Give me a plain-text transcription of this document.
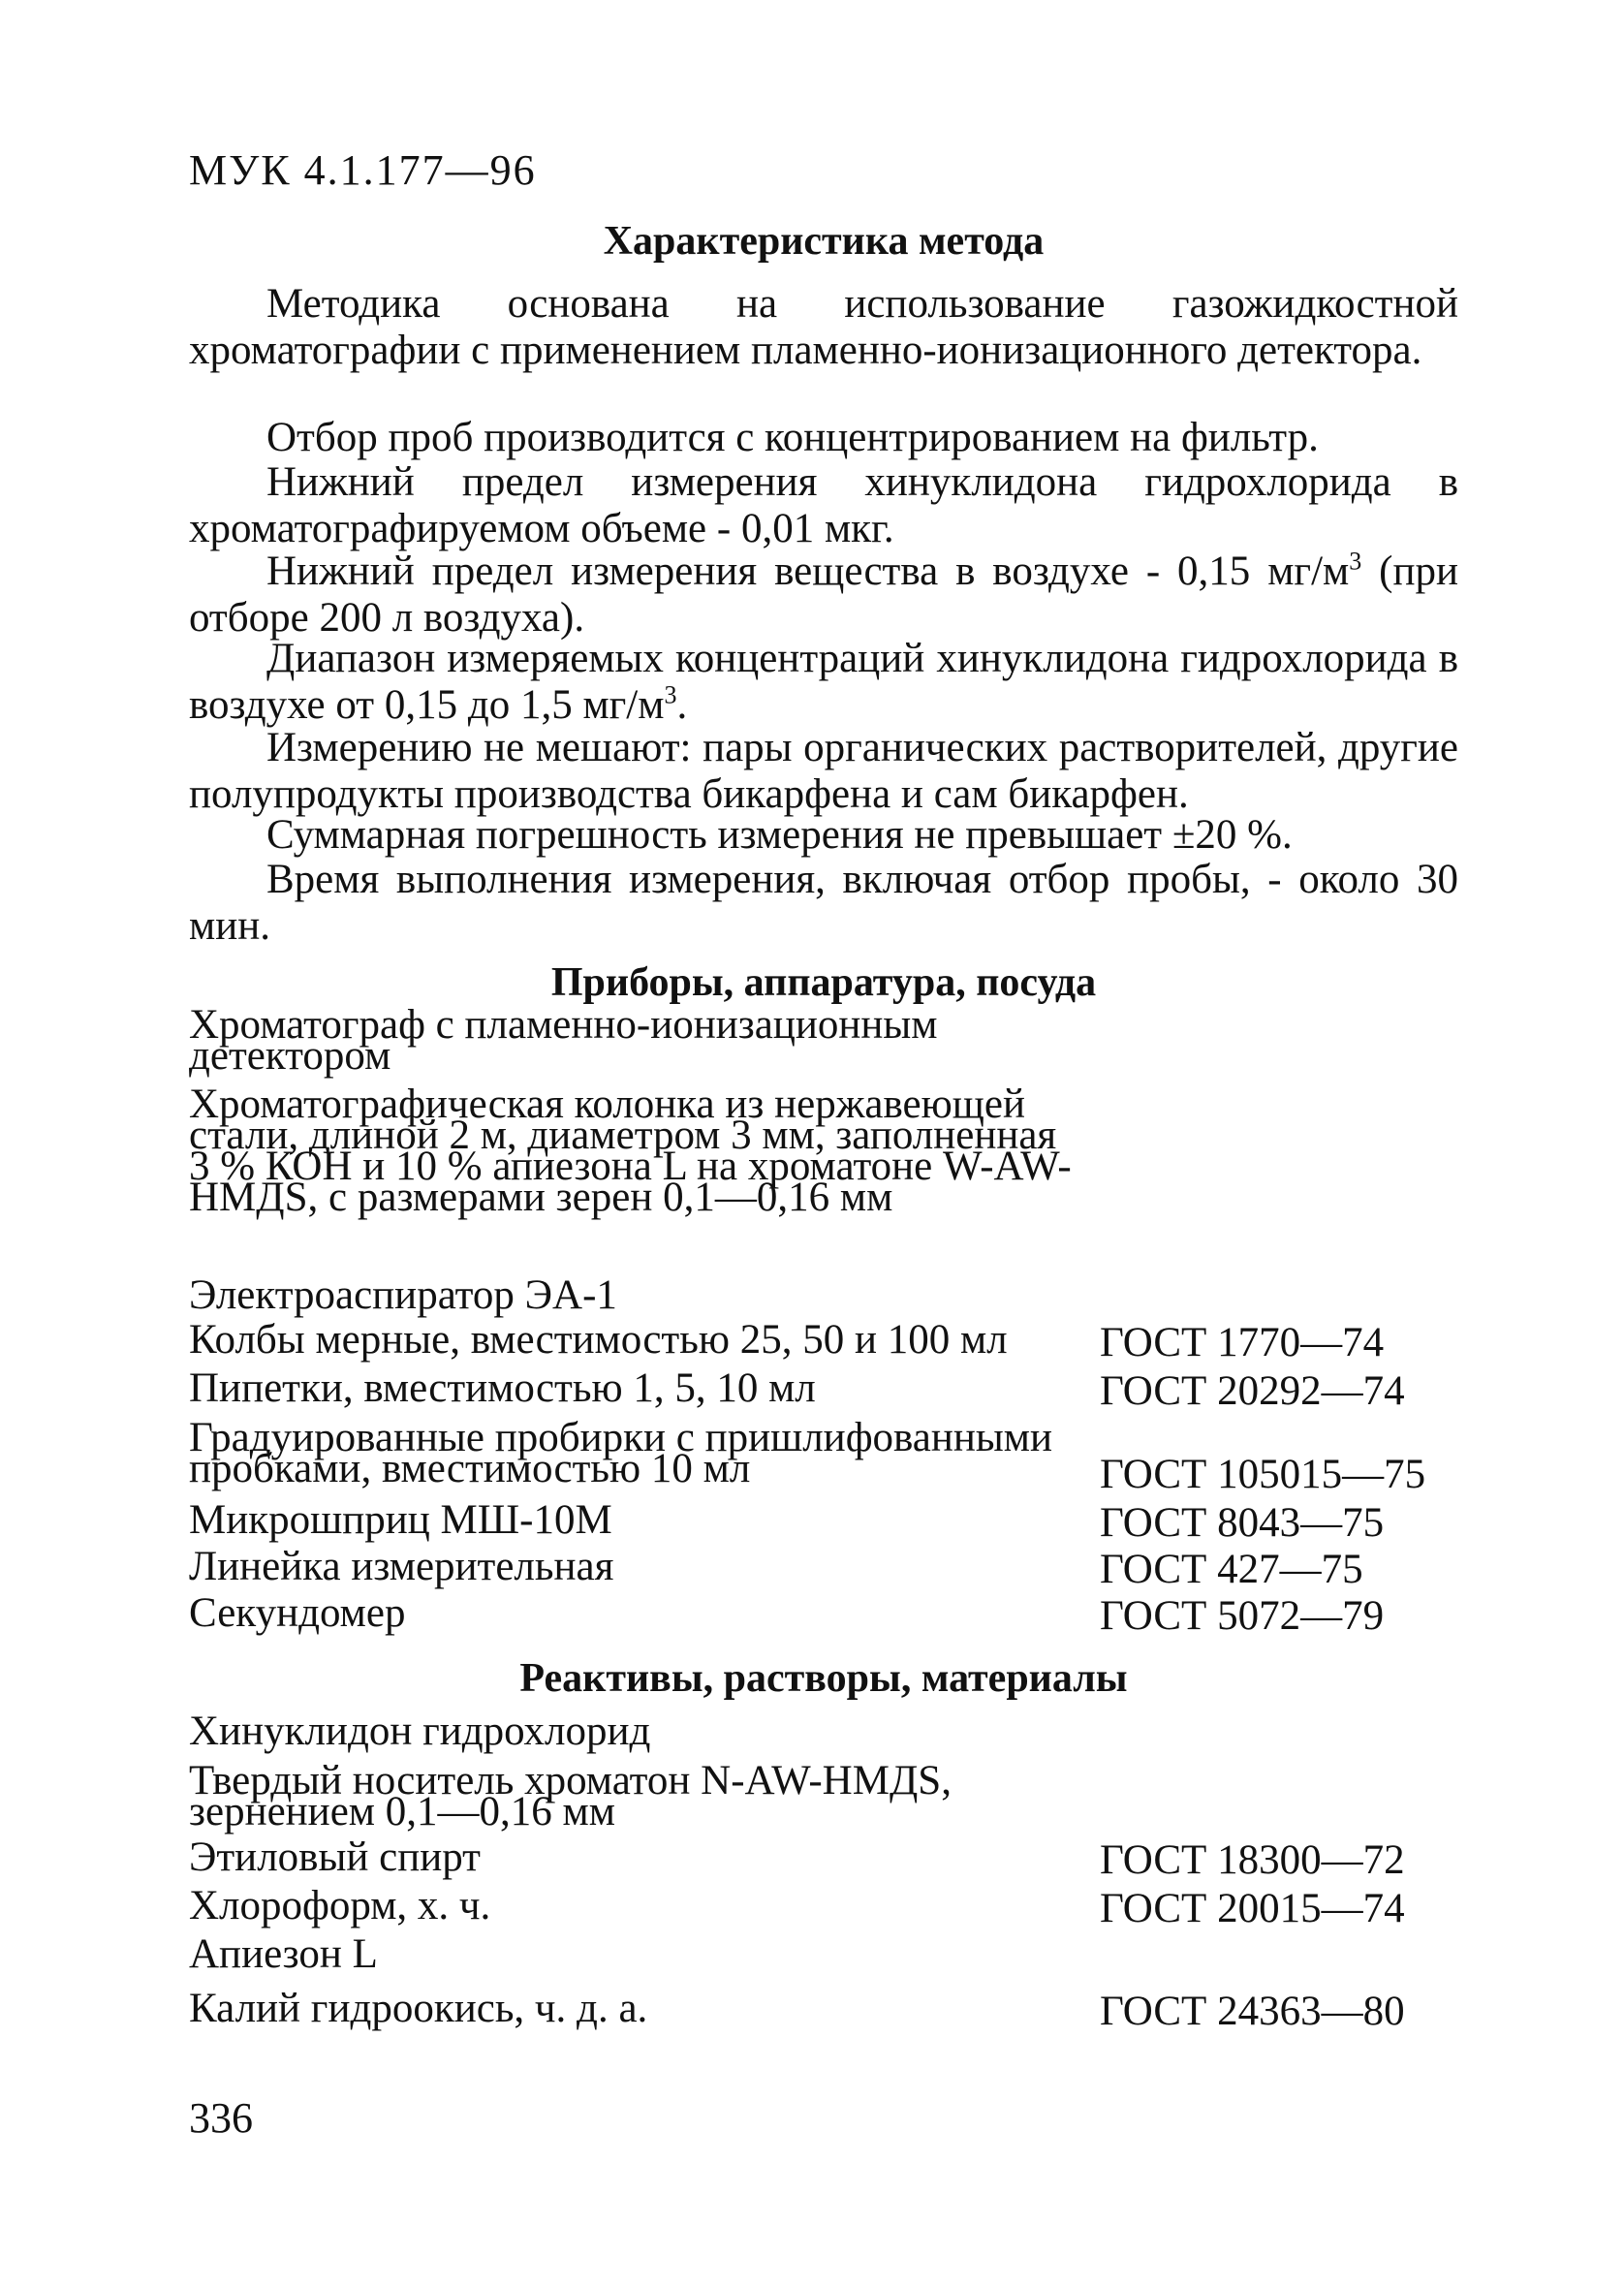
МУК 4.1.177—96
Характеристика метода

Методика основана на использование газожидкостной хроматографии с применением пламенно-ионизационного детектора.

Отбор проб производится с концентрированием на фильтр.

Нижний предел измерения хинуклидона гидрохлорида в хроматографируемом объеме - 0,01 мкг.

Нижний предел измерения вещества в воздухе - 0,15 $мг/м^3$ (при отборе 200 л воздуха).

Диапазон измеряемых концентраций хинуклидона гидрохлорида в воздухе от 0,15 до 1,5 $мг/м^3$.

Измерению не мешают: пары органических растворителей, другие полупродукты производства бикарфена и сам бикарфен.

Суммарная погрешность измерения не превышает ±20 %.

Время выполнения измерения, включая отбор пробы, - около 30 мин.

Приборы, аппаратура, посуда
Хроматограф с пламенно-ионизационным детектором
Хроматографическая колонка из нержавеющей стали, длиной 2 м, диаметром 3 мм, заполненная 3 % КОН и 10 % апиезона L на хроматоне W-AW-HMДS, с размерами зерен 0,1—0,16 мм
Электроаспиратор ЭА-1
Колбы мерные, вместимостью 25, 50 и 100 мл	ГОСТ 1770—74
Пипетки, вместимостью 1, 5, 10 мл	ГОСТ 20292—74
Градуированные пробирки с пришлифованными пробками, вместимостью 10 мл	ГОСТ 105015—75
Микрошприц МШ-10М	ГОСТ 8043—75
Линейка измерительная	ГОСТ 427—75
Секундомер	ГОСТ 5072—79
Реактивы, растворы, материалы
Хинуклидон гидрохлорид
Твердый носитель хроматон N-AW-HMДS, зернением 0,1—0,16 мм
Этиловый спирт	ГОСТ 18300—72
Хлороформ, х. ч.	ГОСТ 20015—74
Апиезон L
Калий гидроокись, ч. д. а.	ГОСТ 24363—80
336
